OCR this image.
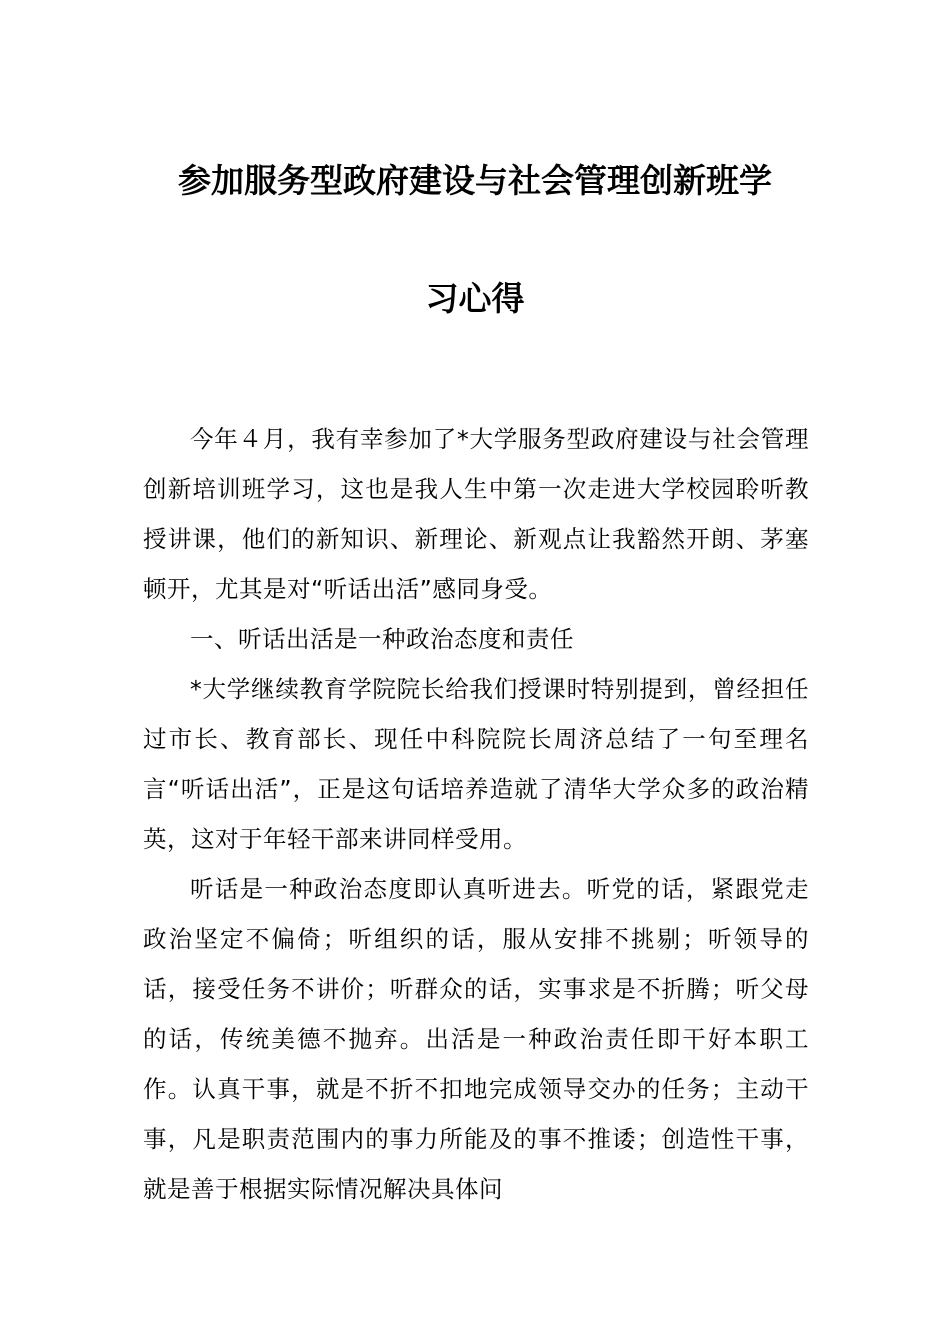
参加服务型政府建设与社会管理创新班学
习心得

今年４月，我有幸参加了*大学服务型政府建设与社会管理创新培训班学习，这也是我人生中第一次走进大学校园聆听教授讲课，他们的新知识、新理论、新观点让我豁然开朗、茅塞顿开，尤其是对“听话出活”感同身受。

一、听话出活是一种政治态度和责任

*大学继续教育学院院长给我们授课时特别提到，曾经担任过市长、教育部长、现任中科院院长周济总结了一句至理名言“听话出活”，正是这句话培养造就了清华大学众多的政治精英，这对于年轻干部来讲同样受用。

听话是一种政治态度即认真听进去。听党的话，紧跟党走政治坚定不偏倚；听组织的话，服从安排不挑剔；听领导的话，接受任务不讲价；听群众的话，实事求是不折腾；听父母的话，传统美德不抛弃。出活是一种政治责任即干好本职工作。认真干事，就是不折不扣地完成领导交办的任务；主动干事，凡是职责范围内的事力所能及的事不推诿；创造性干事，就是善于根据实际情况解决具体问
